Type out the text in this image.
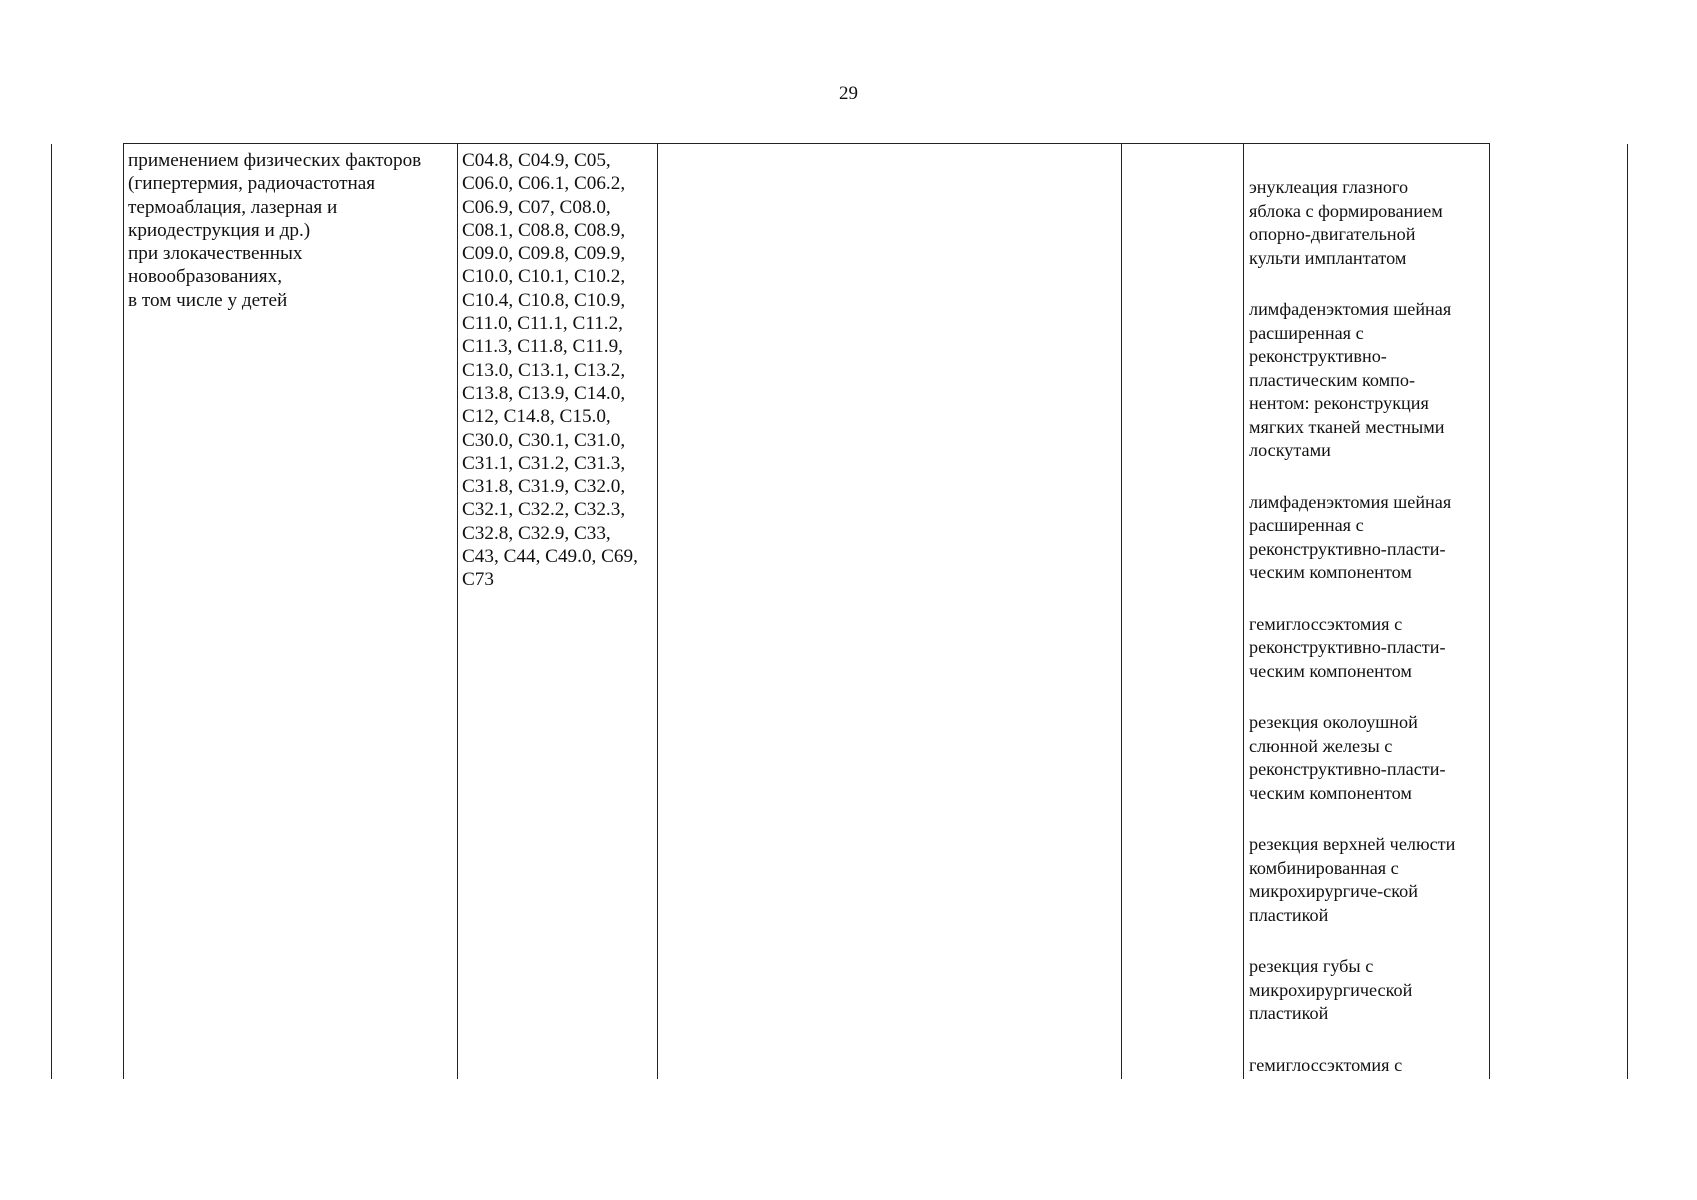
29
применением физических факторов
(гипертермия, радиочастотная
термоаблация, лазерная и
криодеструкция и др.)
при злокачественных
новообразованиях,
в том числе у детей
C04.8, C04.9, C05,
C06.0, C06.1, C06.2,
C06.9, C07, C08.0,
C08.1, C08.8, C08.9,
C09.0, C09.8, C09.9,
C10.0, C10.1, C10.2,
C10.4, C10.8, C10.9,
C11.0, C11.1, C11.2,
C11.3, C11.8, C11.9,
C13.0, C13.1, C13.2,
C13.8, C13.9, C14.0,
C12, C14.8, C15.0,
C30.0, C30.1, C31.0,
C31.1, C31.2, C31.3,
C31.8, C31.9, C32.0,
C32.1, C32.2, C32.3,
C32.8, C32.9, C33,
C43, C44, C49.0, C69,
C73
энуклеация глазного
яблока с формированием
опорно-двигательной
культи имплантатом
лимфаденэктомия шейная
расширенная с
реконструктивно-
пластическим компо-
нентом: реконструкция
мягких тканей местными
лоскутами
лимфаденэктомия шейная
расширенная с
реконструктивно-пласти-
ческим компонентом
гемиглоссэктомия с
реконструктивно-пласти-
ческим компонентом
резекция околоушной
слюнной железы с
реконструктивно-пласти-
ческим компонентом
резекция верхней челюсти
комбинированная с
микрохирургиче-ской
пластикой
резекция губы с
микрохирургической
пластикой
гемиглоссэктомия с
